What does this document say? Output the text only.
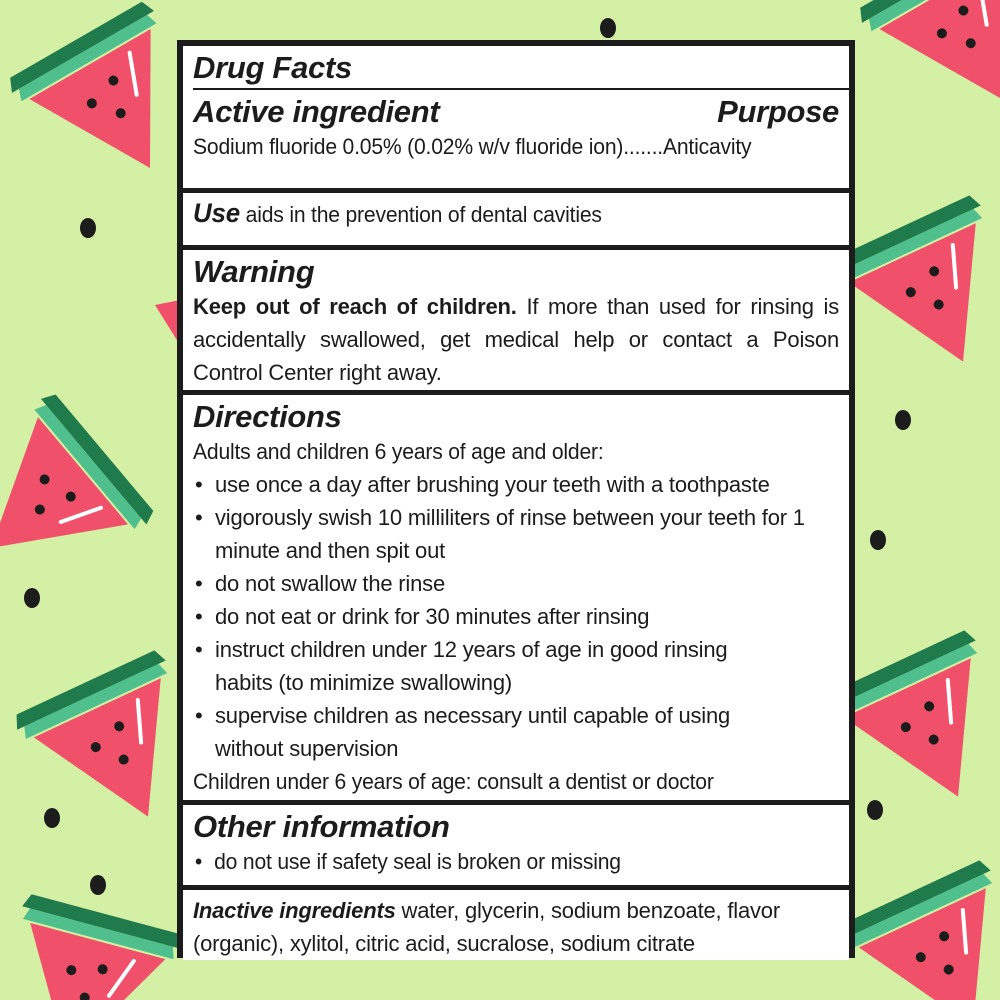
Drug Facts
Active ingredient	Purpose
Sodium fluoride 0.05% (0.02% w/v fluoride ion).......Anticavity
Use aids in the prevention of dental cavities
Warning
Keep out of reach of children. If more than used for rinsing is accidentally swallowed, get medical help or contact a Poison Control Center right away.
Directions
Adults and children 6 years of age and older:
• use once a day after brushing your teeth with a toothpaste
• vigorously swish 10 milliliters of rinse between your teeth for 1 minute and then spit out
• do not swallow the rinse
• do not eat or drink for 30 minutes after rinsing
• instruct children under 12 years of age in good rinsing habits (to minimize swallowing)
• supervise children as necessary until capable of using without supervision
Children under 6 years of age: consult a dentist or doctor
Other information
• do not use if safety seal is broken or missing
Inactive ingredients water, glycerin, sodium benzoate, flavor (organic), xylitol, citric acid, sucralose, sodium citrate
